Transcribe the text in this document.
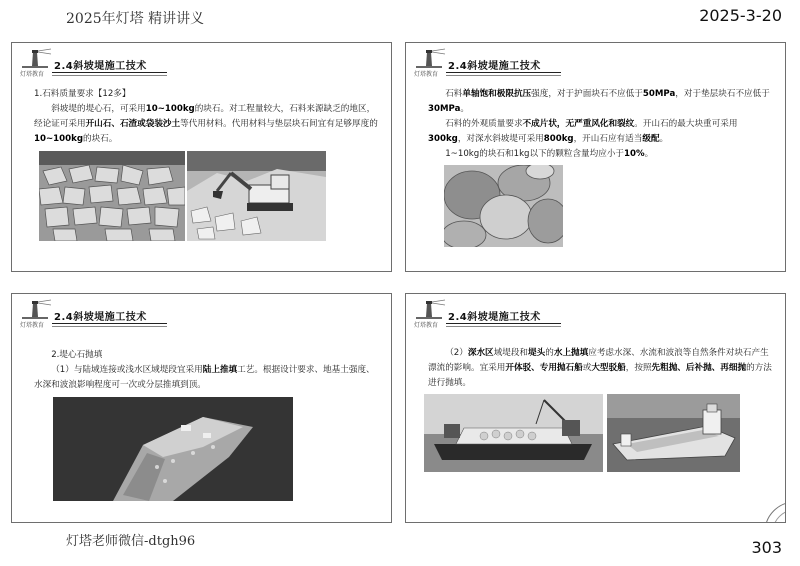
2025年灯塔 精讲讲义	2025-3-20
灯塔老师微信-dtgh96	303
灯塔教育
2.4斜坡堤施工技术
1.石料质量要求【12多】

斜坡堤的堤心石，可采用10~100kg的块石。对工程量较大，石料来源缺乏的地区，经论证可采用开山石、石渣或袋装沙土等代用材料。代用材料与垫层块石间宜有足够厚度的10~100kg的块石。
灯塔教育
2.4斜坡堤施工技术
石料单轴饱和极限抗压强度，对于护面块石不应低于50MPa，对于垫层块石不应低于30MPa。
石料的外观质量要求不成片状，无严重风化和裂纹。开山石的最大块重可采用300kg，对深水斜坡堤可采用800kg，开山石应有适当级配。
1~10kg的块石和1kg以下的颗粒含量均应小于10%。
灯塔教育
2.4斜坡堤施工技术
2.堤心石抛填
（1）与陆域连接或浅水区域堤段宜采用陆上推填工艺。根据设计要求、地基土强度、水深和波浪影响程度可一次或分层推填到顶。
灯塔教育
2.4斜坡堤施工技术
（2）深水区域堤段和堤头的水上抛填应考虑水深、水流和波浪等自然条件对块石产生漂流的影响。宜采用开体驳、专用抛石船或大型驳船，按照先粗抛、后补抛、再细抛的方法进行抛填。
